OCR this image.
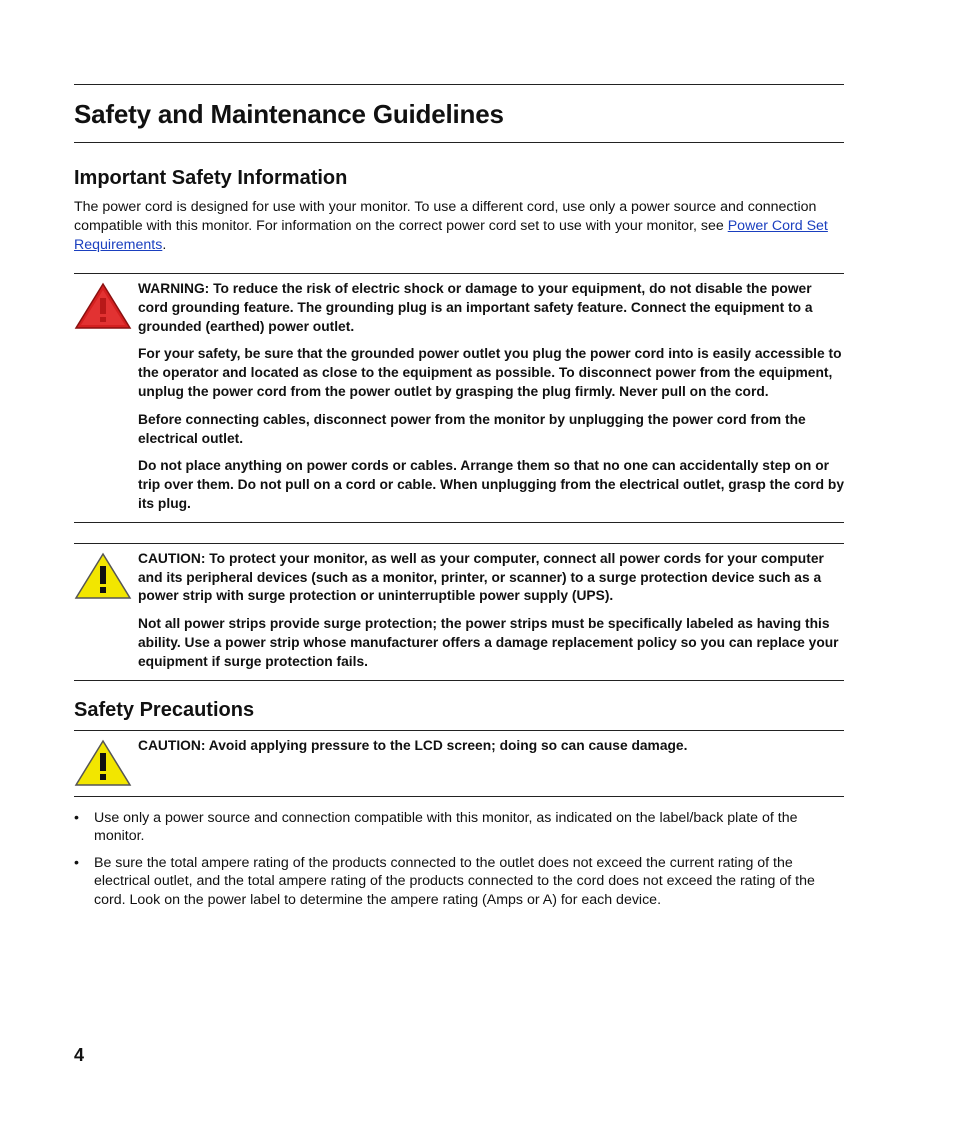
Safety and Maintenance Guidelines
Important Safety Information

The power cord is designed for use with your monitor. To use a different cord, use only a power source and connection compatible with this monitor. For information on the correct power cord set to use with your monitor, see Power Cord Set Requirements.

WARNING: To reduce the risk of electric shock or damage to your equipment, do not disable the power cord grounding feature. The grounding plug is an important safety feature. Connect the equipment to a grounded (earthed) power outlet.

For your safety, be sure that the grounded power outlet you plug the power cord into is easily accessible to the operator and located as close to the equipment as possible. To disconnect power from the equipment, unplug the power cord from the power outlet by grasping the plug firmly. Never pull on the cord.

Before connecting cables, disconnect power from the monitor by unplugging the power cord from the electrical outlet.

Do not place anything on power cords or cables. Arrange them so that no one can accidentally step on or trip over them. Do not pull on a cord or cable. When unplugging from the electrical outlet, grasp the cord by its plug.

CAUTION: To protect your monitor, as well as your computer, connect all power cords for your computer and its peripheral devices (such as a monitor, printer, or scanner) to a surge protection device such as a power strip with surge protection or uninterruptible power supply (UPS).

Not all power strips provide surge protection; the power strips must be specifically labeled as having this ability. Use a power strip whose manufacturer offers a damage replacement policy so you can replace your equipment if surge protection fails.

Safety Precautions

CAUTION: Avoid applying pressure to the LCD screen; doing so can cause damage.

• Use only a power source and connection compatible with this monitor, as indicated on the label/back plate of the monitor.
• Be sure the total ampere rating of the products connected to the outlet does not exceed the current rating of the electrical outlet, and the total ampere rating of the products connected to the cord does not exceed the rating of the cord. Look on the power label to determine the ampere rating (Amps or A) for each device.
4
